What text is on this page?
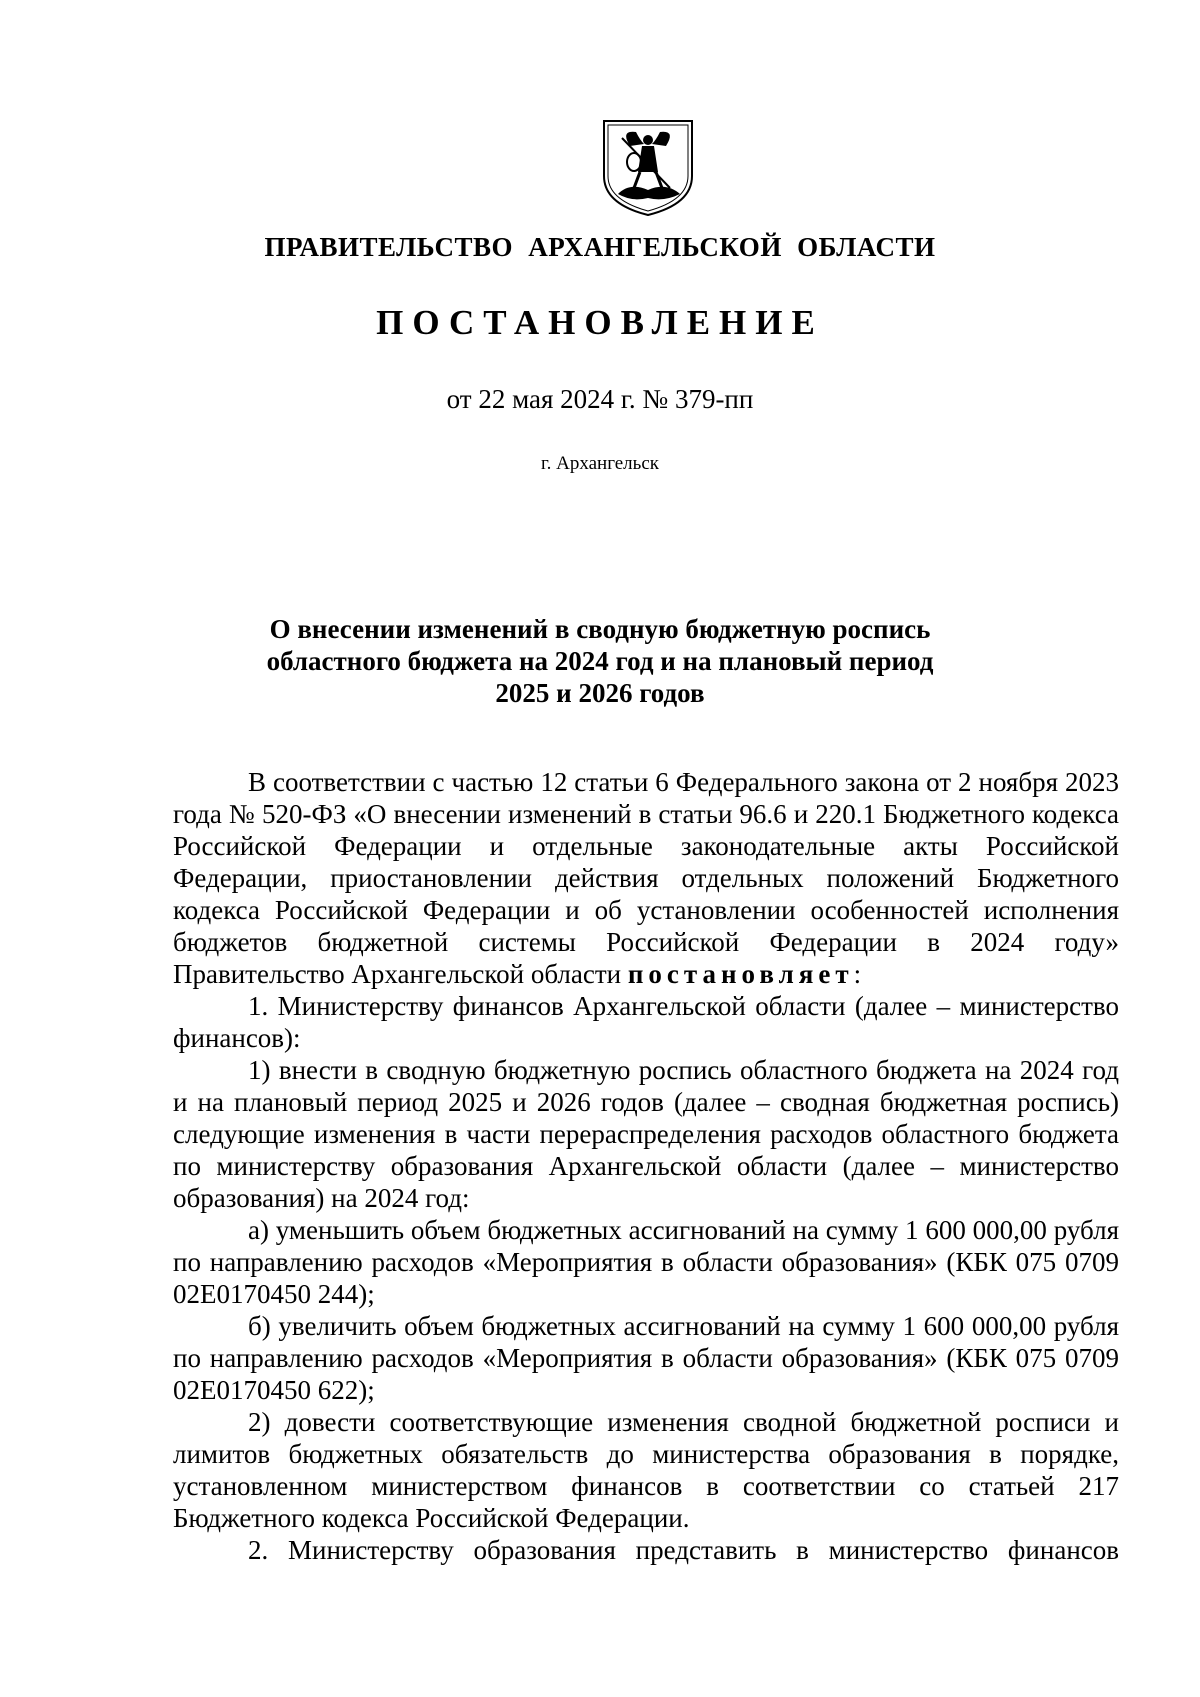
ПРАВИТЕЛЬСТВО АРХАНГЕЛЬСКОЙ ОБЛАСТИ
ПОСТАНОВЛЕНИЕ
от 22 мая 2024 г. № 379-пп
г. Архангельск
О внесении изменений в сводную бюджетную роспись
областного бюджета на 2024 год и на плановый период
2025 и 2026 годов

В соответствии с частью 12 статьи 6 Федерального закона от 2 ноября 2023 года № 520-ФЗ «О внесении изменений в статьи 96.6 и 220.1 Бюджетного кодекса Российской Федерации и отдельные законодательные акты Российской Федерации, приостановлении действия отдельных положений Бюджетного кодекса Российской Федерации и об установлении особенностей исполнения бюджетов бюджетной системы Российской Федерации в 2024 году» Правительство Архангельской области постановляет:

1. Министерству финансов Архангельской области (далее – министерство финансов):

1) внести в сводную бюджетную роспись областного бюджета на 2024 год и на плановый период 2025 и 2026 годов (далее – сводная бюджетная роспись) следующие изменения в части перераспределения расходов областного бюджета по министерству образования Архангельской области (далее – министерство образования) на 2024 год:

а) уменьшить объем бюджетных ассигнований на сумму 1 600 000,00 рубля по направлению расходов «Мероприятия в области образования» (КБК 075 0709 02Е0170450 244);

б) увеличить объем бюджетных ассигнований на сумму 1 600 000,00 рубля по направлению расходов «Мероприятия в области образования» (КБК 075 0709 02Е0170450 622);

2) довести соответствующие изменения сводной бюджетной росписи и лимитов бюджетных обязательств до министерства образования в порядке, установленном министерством финансов в соответствии со статьей 217 Бюджетного кодекса Российской Федерации.

2. Министерству образования представить в министерство финансов
